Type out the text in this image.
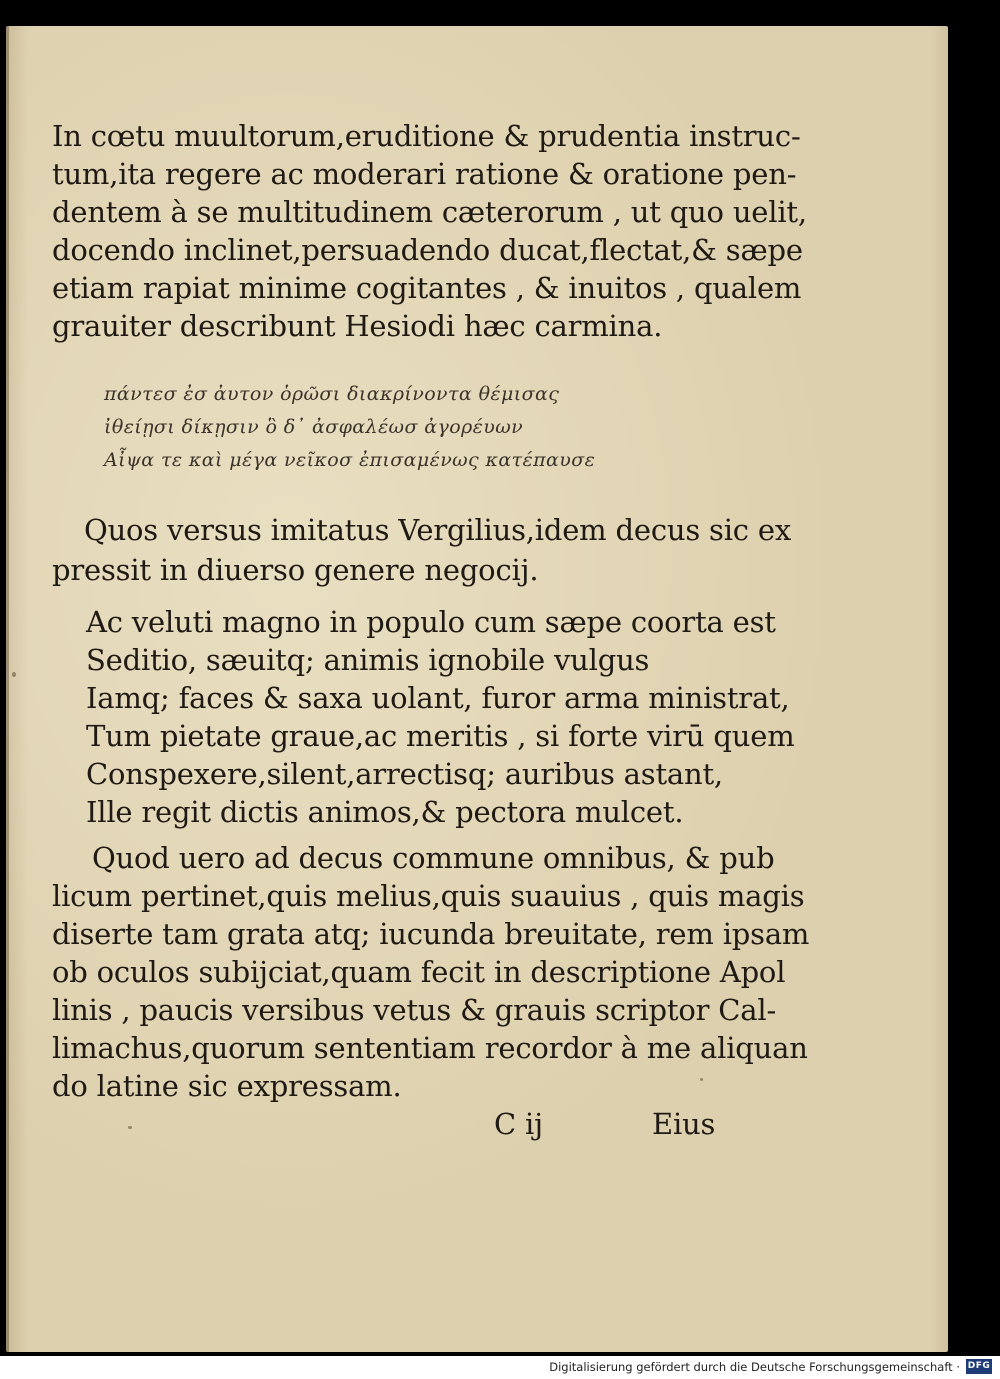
In cœtu muultorum,eruditione & prudentia instruc‑
tum,ita regere ac moderari ratione & oratione pen‑
dentem à se multitudinem cæterorum , ut quo uelit,
docendo inclinet,persuadendo ducat,flectat,& sæpe
etiam rapiat minime cogitantes , & inuitos , qualem
grauiter describunt Hesiodi hæc carmina.
πάντεσ ἐσ ἀυτον ὁρῶσι διακρίνοντα θέμισας
ἰθείῃσι δίκῃσιν ὃ δ᾽ ἀσφαλέωσ ἀγορέυων
Αἶψα τε καὶ μέγα νεῖκοσ ἐπισαμένως κατέπαυσε
Quos versus imitatus Vergilius,idem decus sic ex
pressit in diuerso genere negocij.
Ac veluti magno in populo cum sæpe coorta est
Seditio, sæuitq; animis ignobile vulgus
Iamq; faces & saxa uolant, furor arma ministrat,
Tum pietate graue,ac meritis , si forte virū quem
Conspexere,silent,arrectisq; auribus astant,
Ille regit dictis animos,& pectora mulcet.
Quod uero ad decus commune omnibus, & pub
licum pertinet,quis melius,quis suauius , quis magis
diserte tam grata atq; iucunda breuitate, rem ipsam
ob oculos subijciat,quam fecit in descriptione Apol
linis , paucis versibus vetus & grauis scriptor Cal‑
limachus,quorum sententiam recordor à me aliquan
do latine sic expressam.
C ij	Eius
Digitalisierung gefördert durch die Deutsche Forschungsgemeinschaft · DFG
